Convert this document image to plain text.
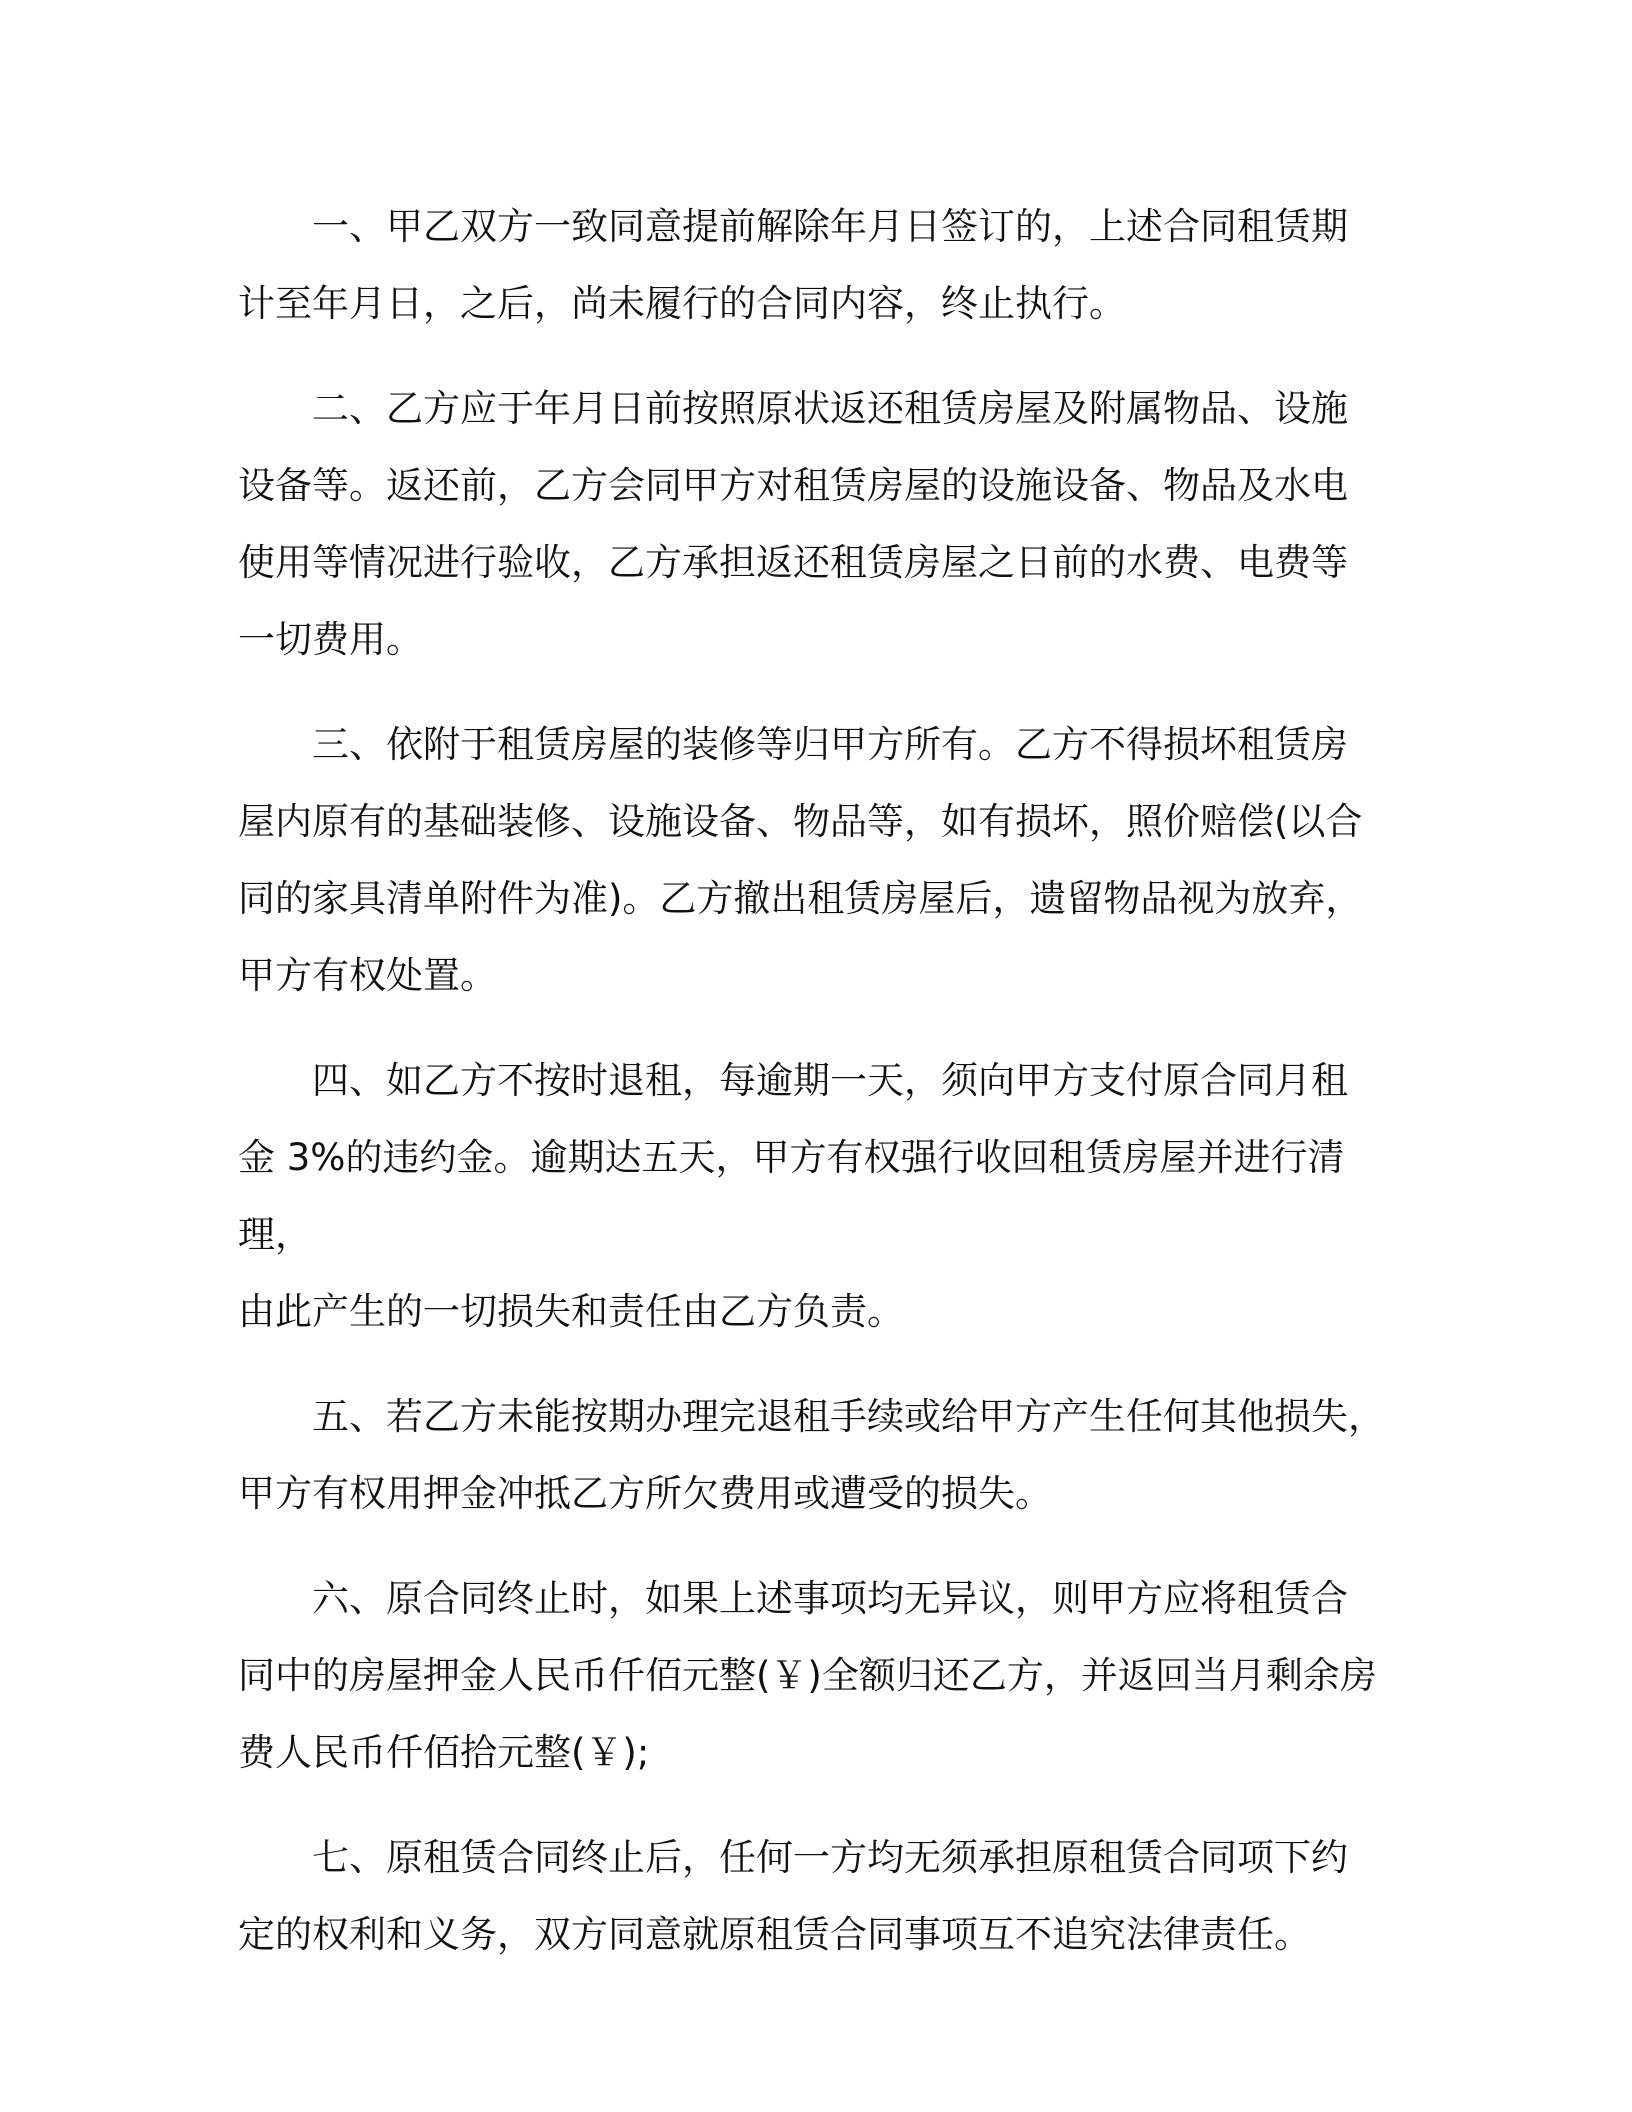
　　一、甲乙双方一致同意提前解除年月日签订的，上述合同租赁期
计至年月日，之后，尚未履行的合同内容，终止执行。

　　二、乙方应于年月日前按照原状返还租赁房屋及附属物品、设施
设备等。返还前，乙方会同甲方对租赁房屋的设施设备、物品及水电
使用等情况进行验收，乙方承担返还租赁房屋之日前的水费、电费等
一切费用。

　　三、依附于租赁房屋的装修等归甲方所有。乙方不得损坏租赁房
屋内原有的基础装修、设施设备、物品等，如有损坏，照价赔偿(以合
同的家具清单附件为准)。乙方撤出租赁房屋后，遗留物品视为放弃，
甲方有权处置。

　　四、如乙方不按时退租，每逾期一天，须向甲方支付原合同月租
金 3%的违约金。逾期达五天，甲方有权强行收回租赁房屋并进行清理，
由此产生的一切损失和责任由乙方负责。

　　五、若乙方未能按期办理完退租手续或给甲方产生任何其他损失，
甲方有权用押金冲抵乙方所欠费用或遭受的损失。

　　六、原合同终止时，如果上述事项均无异议，则甲方应将租赁合
同中的房屋押金人民币仟佰元整(￥)全额归还乙方，并返回当月剩余房
费人民币仟佰拾元整(￥);

　　七、原租赁合同终止后，任何一方均无须承担原租赁合同项下约
定的权利和义务，双方同意就原租赁合同事项互不追究法律责任。
